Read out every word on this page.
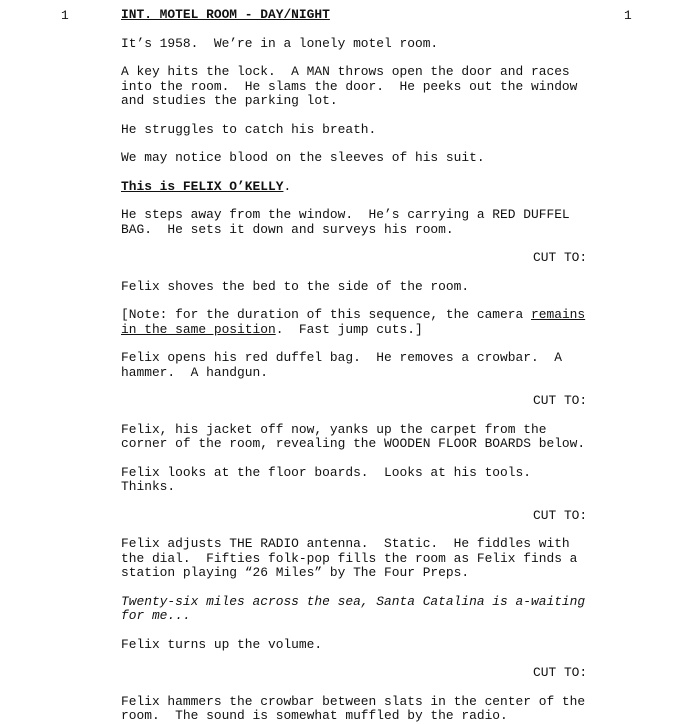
1	1
INT. MOTEL ROOM - DAY/NIGHT
It’s 1958.  We’re in a lonely motel room.
A key hits the lock.  A MAN throws open the door and races
into the room.  He slams the door.  He peeks out the window
and studies the parking lot.
He struggles to catch his breath.
We may notice blood on the sleeves of his suit.
This is FELIX O’KELLY.
He steps away from the window.  He’s carrying a RED DUFFEL
BAG.  He sets it down and surveys his room.
CUT TO:
Felix shoves the bed to the side of the room.
[Note: for the duration of this sequence, the camera remains
in the same position.  Fast jump cuts.]
Felix opens his red duffel bag.  He removes a crowbar.  A
hammer.  A handgun.
CUT TO:
Felix, his jacket off now, yanks up the carpet from the
corner of the room, revealing the WOODEN FLOOR BOARDS below.
Felix looks at the floor boards.  Looks at his tools.
Thinks.
CUT TO:
Felix adjusts THE RADIO antenna.  Static.  He fiddles with
the dial.  Fifties folk-pop fills the room as Felix finds a
station playing “26 Miles” by The Four Preps.
Twenty-six miles across the sea, Santa Catalina is a-waiting
for me...
Felix turns up the volume.
CUT TO:
Felix hammers the crowbar between slats in the center of the
room.  The sound is somewhat muffled by the radio.
